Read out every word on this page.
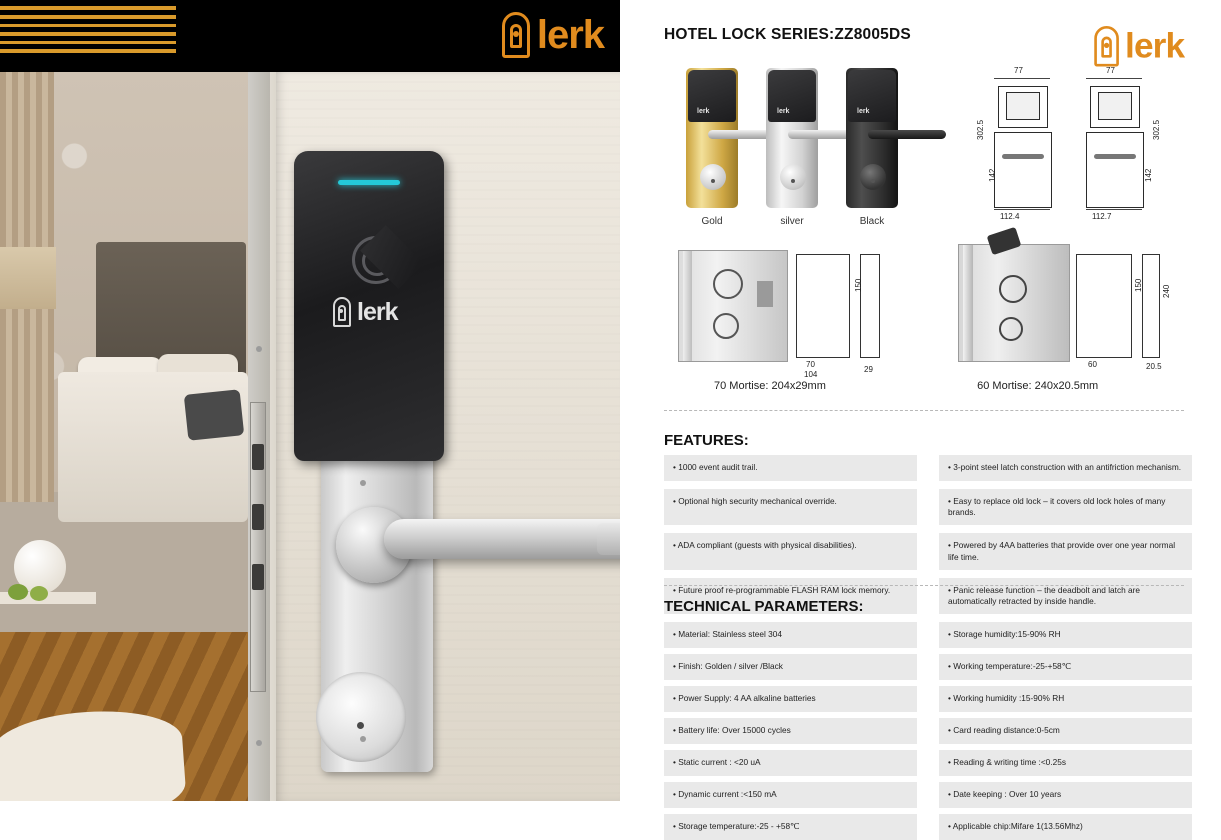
lerk
lerk
HOTEL LOCK SERIES:ZZ8005DS	lerk
lerk
Gold
lerk
silver
lerk
Black
77
302.5
142
112.4
77
302.5
142
112.7
150
70
104
29
150
60
240
20.5
70 Mortise: 204x29mm	60 Mortise: 240x20.5mm
FEATURES:
• 1000 event audit trail.	• 3-point steel latch construction with an antifriction mechanism.
• Optional high security mechanical override.	• Easy to replace old lock – it covers old lock holes of many brands.
• ADA compliant (guests with physical disabilities).	• Powered by 4AA batteries that provide over one year normal life time.
• Future proof re-programmable FLASH RAM lock memory.	• Panic release function – the deadbolt and latch are automatically retracted by inside handle.
TECHNICAL PARAMETERS:
• Material: Stainless steel 304	• Storage humidity:15-90% RH
• Finish: Golden / silver /Black	• Working temperature:-25-+58℃
• Power Supply: 4 AA alkaline batteries	• Working humidity :15-90% RH
• Battery life: Over 15000 cycles	• Card reading distance:0-5cm
• Static current : <20 uA	• Reading & writing time :<0.25s
• Dynamic current :<150 mA	• Date keeping : Over 10 years
• Storage temperature:-25 - +58℃	• Applicable chip:Mifare 1(13.56Mhz)
